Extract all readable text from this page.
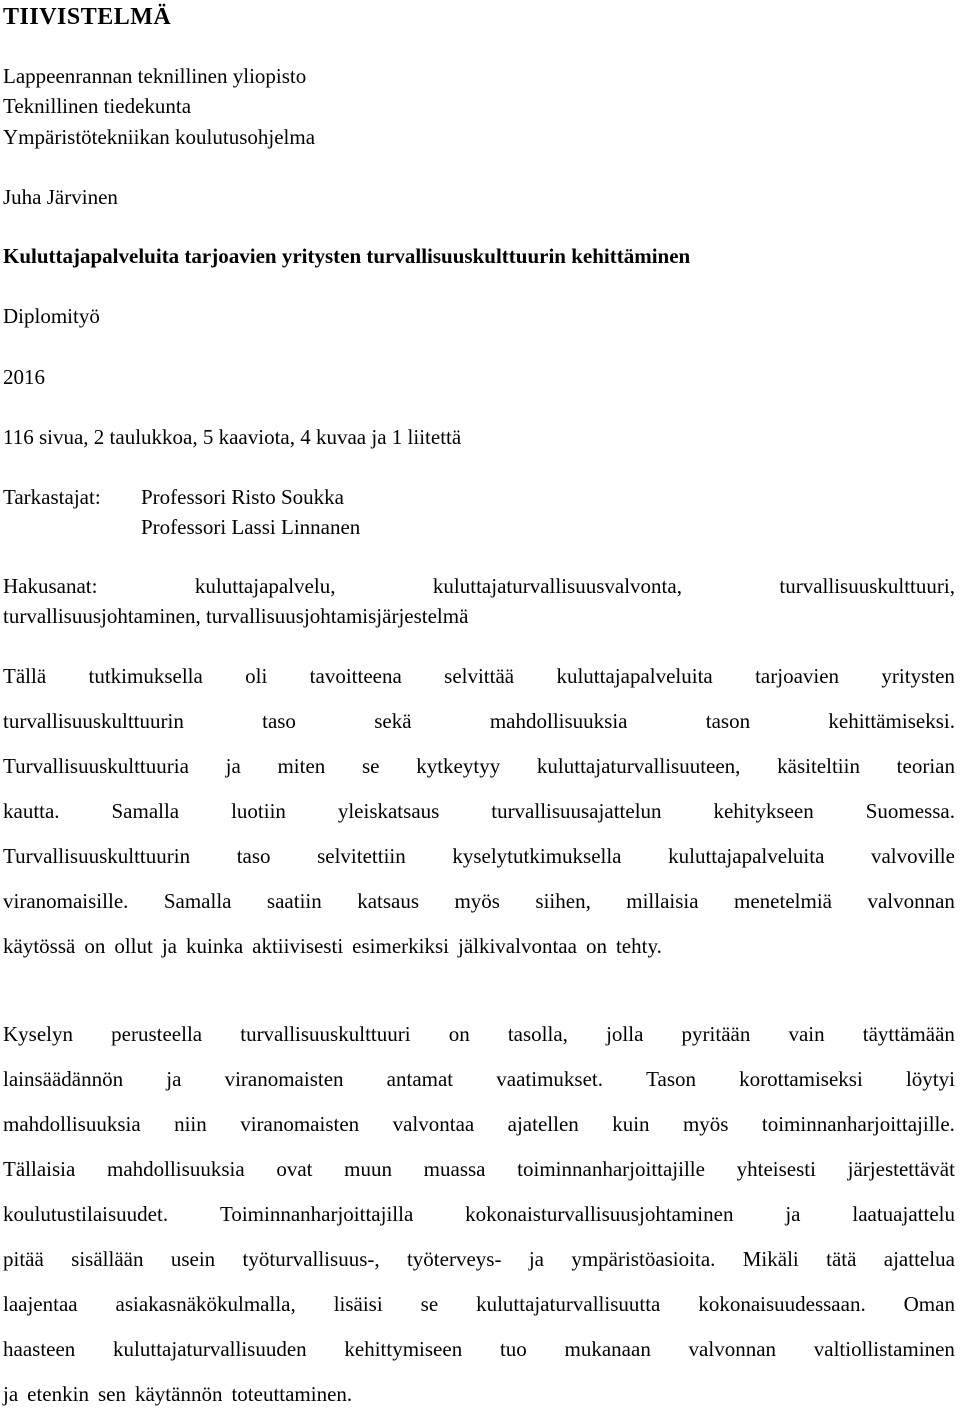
TIIVISTELMÄ
Lappeenrannan teknillinen yliopisto
Teknillinen tiedekunta
Ympäristötekniikan koulutusohjelma
Juha Järvinen
Kuluttajapalveluita tarjoavien yritysten turvallisuuskulttuurin kehittäminen
Diplomityö
2016
116 sivua, 2 taulukkoa, 5 kaaviota, 4 kuvaa ja 1 liitettä
Tarkastajat: Professori Risto Soukka
Professori Lassi Linnanen
Hakusanat:	kuluttajapalvelu,	kuluttajaturvallisuusvalvonta,	turvallisuuskulttuuri,
turvallisuusjohtaminen, turvallisuusjohtamisjärjestelmä
Tällä tutkimuksella oli tavoitteena selvittää kuluttajapalveluita tarjoavien yritysten
turvallisuuskulttuurin	taso	sekä	mahdollisuuksia	tason	kehittämiseksi.
Turvallisuuskulttuuria ja miten se kytkeytyy kuluttajaturvallisuuteen, käsiteltiin teorian
kautta. Samalla luotiin yleiskatsaus turvallisuusajattelun kehitykseen Suomessa.
Turvallisuuskulttuurin taso selvitettiin kyselytutkimuksella kuluttajapalveluita valvoville
viranomaisille. Samalla saatiin katsaus myös siihen, millaisia menetelmiä valvonnan
käytössä on ollut ja kuinka aktiivisesti esimerkiksi jälkivalvontaa on tehty.
Kyselyn perusteella turvallisuuskulttuuri on tasolla, jolla pyritään vain täyttämään
lainsäädännön ja viranomaisten antamat vaatimukset. Tason korottamiseksi löytyi
mahdollisuuksia niin viranomaisten valvontaa ajatellen kuin myös toiminnanharjoittajille.
Tällaisia mahdollisuuksia ovat muun muassa toiminnanharjoittajille yhteisesti järjestettävät
koulutustilaisuudet. Toiminnanharjoittajilla kokonaisturvallisuusjohtaminen ja laatuajattelu
pitää sisällään usein työturvallisuus-, työterveys- ja ympäristöasioita. Mikäli tätä ajattelua
laajentaa asiakasnäkökulmalla, lisäisi se kuluttajaturvallisuutta kokonaisuudessaan. Oman
haasteen kuluttajaturvallisuuden kehittymiseen tuo mukanaan valvonnan valtiollistaminen
ja etenkin sen käytännön toteuttaminen.
